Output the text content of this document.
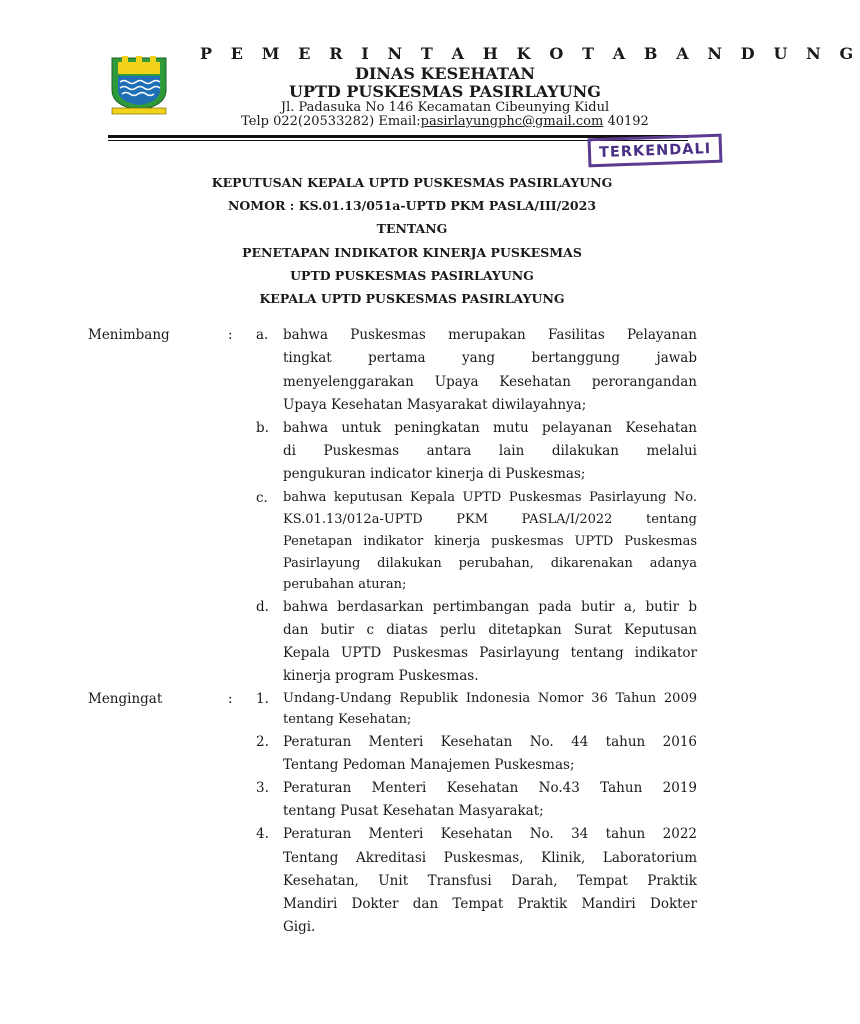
P E M E R I N T A H K O T A B A N D U N G
DINAS KESEHATAN
UPTD PUSKESMAS PASIRLAYUNG
Jl. Padasuka No 146 Kecamatan Cibeunying Kidul
Telp 022(20533282) Email:pasirlayungphc@gmail.com 40192
TERKENDALI
KEPUTUSAN KEPALA UPTD PUSKESMAS PASIRLAYUNG
NOMOR : KS.01.13/051a-UPTD PKM PASLA/III/2023
TENTANG
PENETAPAN INDIKATOR KINERJA PUSKESMAS
UPTD PUSKESMAS PASIRLAYUNG
KEPALA UPTD PUSKESMAS PASIRLAYUNG
Menimbang	: a. bahwa Puskesmas merupakan Fasilitas Pelayanan
tingkat pertama yang bertanggung jawab
menyelenggarakan Upaya Kesehatan perorangandan
Upaya Kesehatan Masyarakat diwilayahnya;
b. bahwa untuk peningkatan mutu pelayanan Kesehatan
di Puskesmas antara lain dilakukan melalui
pengukuran indicator kinerja di Puskesmas;
c. bahwa keputusan Kepala UPTD Puskesmas Pasirlayung No.
KS.01.13/012a-UPTD PKM PASLA/I/2022 tentang
Penetapan indikator kinerja puskesmas UPTD Puskesmas
Pasirlayung dilakukan perubahan, dikarenakan adanya
perubahan aturan;
d. bahwa berdasarkan pertimbangan pada butir a, butir b
dan butir c diatas perlu ditetapkan Surat Keputusan
Kepala UPTD Puskesmas Pasirlayung tentang indikator
kinerja program Puskesmas.
Mengingat	: 1. Undang-Undang Republik Indonesia Nomor 36 Tahun 2009
tentang Kesehatan;
2. Peraturan Menteri Kesehatan No. 44 tahun 2016
Tentang Pedoman Manajemen Puskesmas;
3. Peraturan Menteri Kesehatan No.43 Tahun 2019
tentang Pusat Kesehatan Masyarakat;
4. Peraturan Menteri Kesehatan No. 34 tahun 2022
Tentang Akreditasi Puskesmas, Klinik, Laboratorium
Kesehatan, Unit Transfusi Darah, Tempat Praktik
Mandiri Dokter dan Tempat Praktik Mandiri Dokter
Gigi.
